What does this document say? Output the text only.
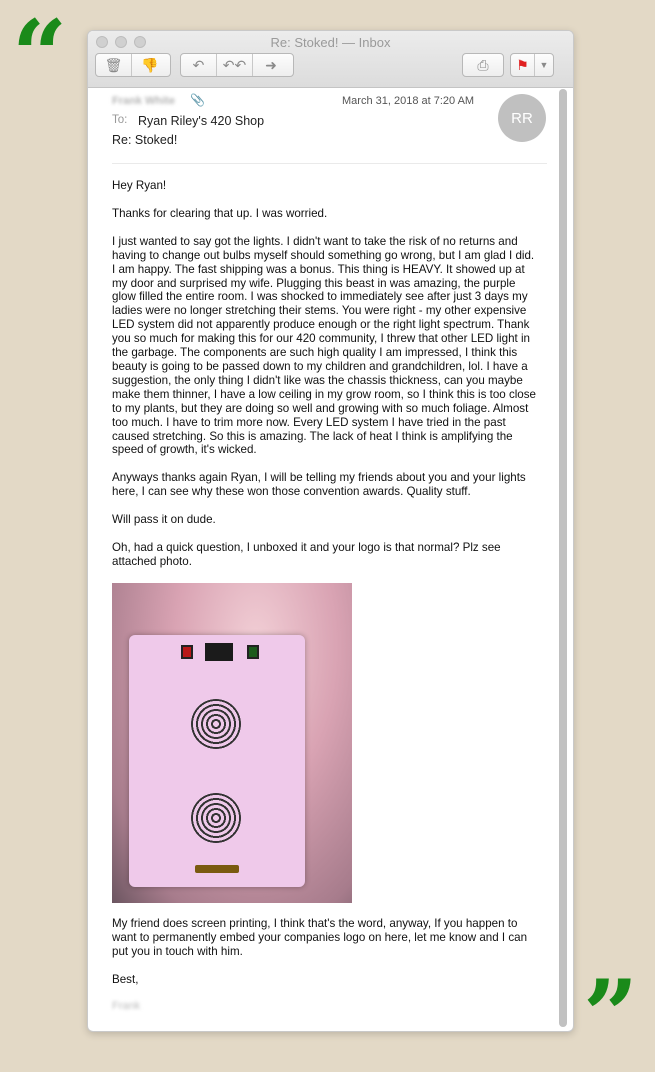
“
”
Re: Stoked! — Inbox
🗑 👎 ↶ ↶↶ ➜	⎙ ⚑ ▼
Frank White 📎	March 31, 2018 at 7:20 AM
To: Ryan Riley's 420 Shop
Re: Stoked!
RR

Hey Ryan!

Thanks for clearing that up. I was worried.

I just wanted to say got the lights. I didn't want to take the risk of no returns and having to change out bulbs myself should something go wrong, but I am glad I did. I am happy. The fast shipping was a bonus. This thing is HEAVY. It showed up at my door and surprised my wife. Plugging this beast in was amazing, the purple glow filled the entire room. I was shocked to immediately see after just 3 days my ladies were no longer stretching their stems. You were right - my other expensive LED system did not apparently produce enough or the right light spectrum. Thank you so much for making this for our 420 community, I threw that other LED light in the garbage. The components are such high quality I am impressed, I think this beauty is going to be passed down to my children and grandchildren, lol. I have a suggestion, the only thing I didn't like was the chassis thickness, can you maybe make them thinner, I have a low ceiling in my grow room, so I think this is too close to my plants, but they are doing so well and growing with so much foliage. Almost too much. I have to trim more now. Every LED system I have tried in the past caused stretching. So this is amazing. The lack of heat I think is amplifying the speed of growth, it's wicked.

Anyways thanks again Ryan, I will be telling my friends about you and your lights here, I can see why these won those convention awards. Quality stuff.

Will pass it on dude.

Oh, had a quick question, I unboxed it and your logo is that normal? Plz see attached photo.

My friend does screen printing, I think that's the word, anyway, If you happen to want to permanently embed your companies logo on here, let me know and I can put you in touch with him.

Best,

Frank
